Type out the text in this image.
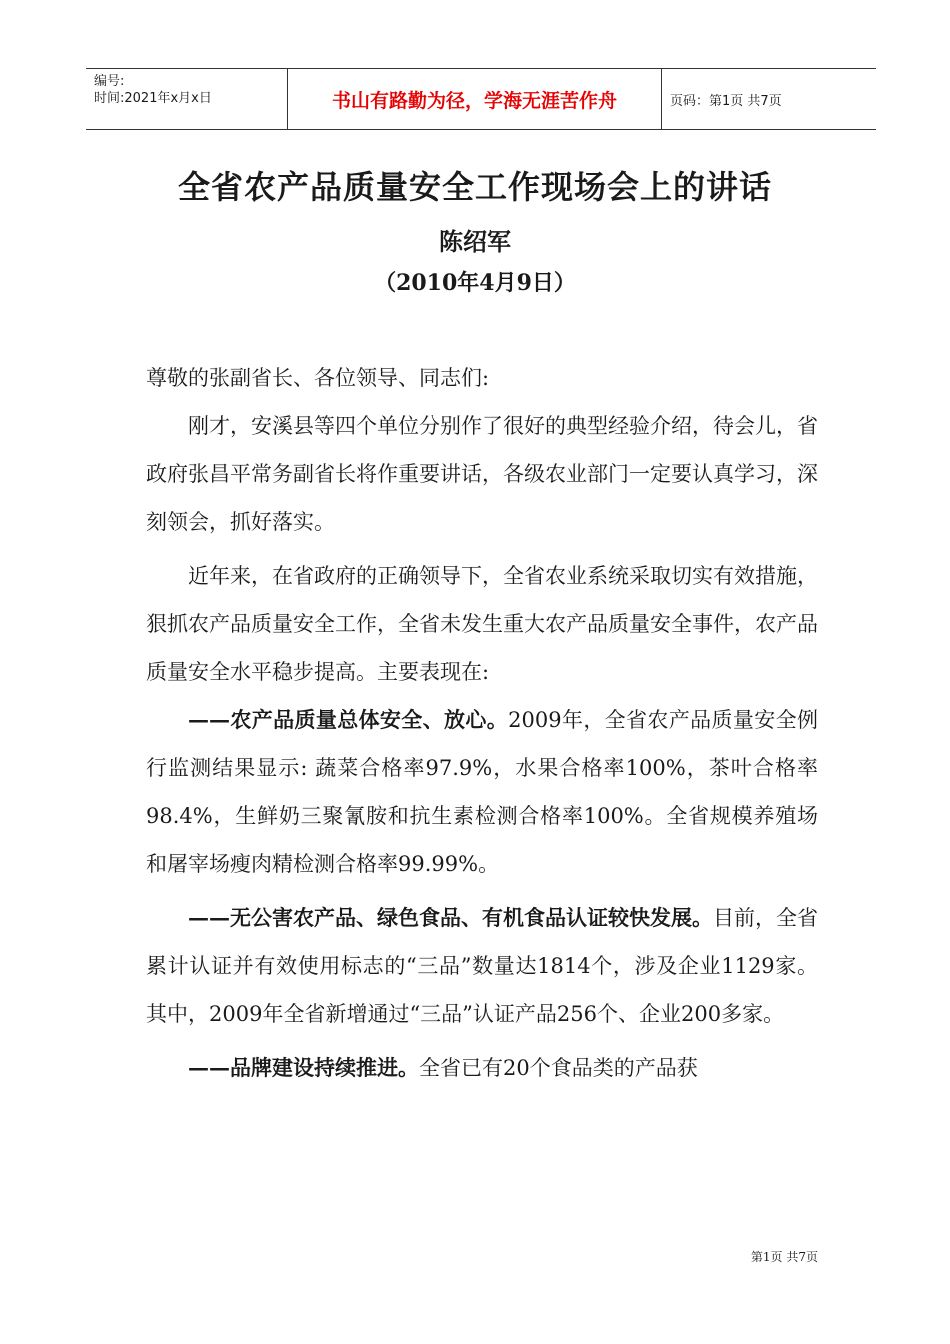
编号:
时间:2021年x月x日	书山有路勤为径，学海无涯苦作舟	页码：第1页 共7页
全省农产品质量安全工作现场会上的讲话
陈绍军
（2010年4月9日）

尊敬的张副省长、各位领导、同志们:

刚才，安溪县等四个单位分别作了很好的典型经验介绍，待会儿，省政府张昌平常务副省长将作重要讲话，各级农业部门一定要认真学习，深刻领会，抓好落实。

近年来，在省政府的正确领导下，全省农业系统采取切实有效措施，狠抓农产品质量安全工作，全省未发生重大农产品质量安全事件，农产品质量安全水平稳步提高。主要表现在:

——农产品质量总体安全、放心。2009年，全省农产品质量安全例行监测结果显示: 蔬菜合格率97.9%，水果合格率100%，茶叶合格率98.4%，生鲜奶三聚氰胺和抗生素检测合格率100%。全省规模养殖场和屠宰场瘦肉精检测合格率99.99%。

——无公害农产品、绿色食品、有机食品认证较快发展。目前，全省累计认证并有效使用标志的“三品”数量达1814个，涉及企业1129家。其中，2009年全省新增通过“三品”认证产品256个、企业200多家。

——品牌建设持续推进。全省已有20个食品类的产品获

第1页 共7页
